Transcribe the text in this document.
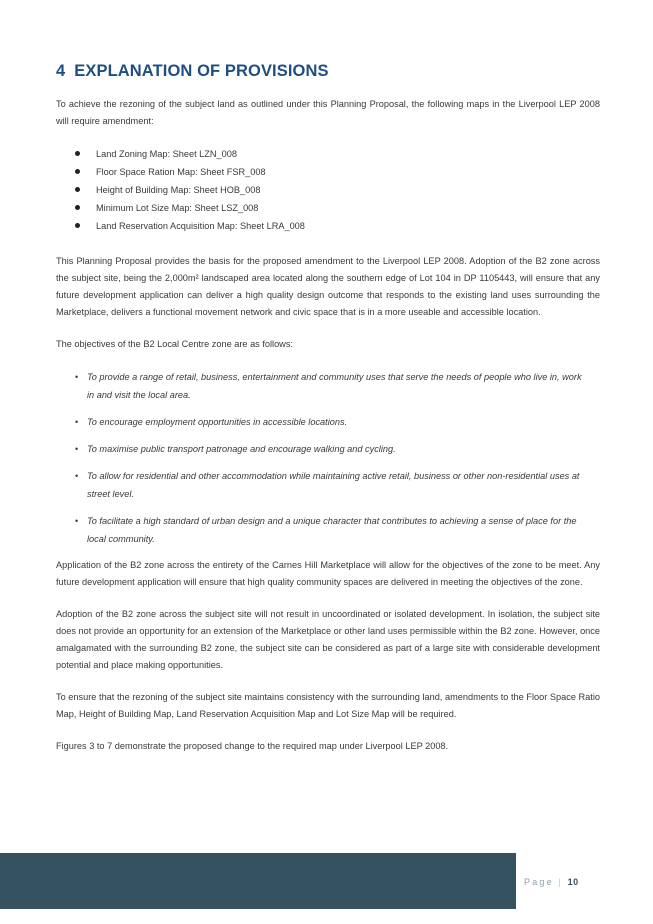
4 EXPLANATION OF PROVISIONS

To achieve the rezoning of the subject land as outlined under this Planning Proposal, the following maps in the Liverpool LEP 2008 will require amendment:

Land Zoning Map: Sheet LZN_008
Floor Space Ration Map: Sheet FSR_008
Height of Building Map: Sheet HOB_008
Minimum Lot Size Map: Sheet LSZ_008
Land Reservation Acquisition Map: Sheet LRA_008

This Planning Proposal provides the basis for the proposed amendment to the Liverpool LEP 2008. Adoption of the B2 zone across the subject site, being the 2,000m² landscaped area located along the southern edge of Lot 104 in DP 1105443, will ensure that any future development application can deliver a high quality design outcome that responds to the existing land uses surrounding the Marketplace, delivers a functional movement network and civic space that is in a more useable and accessible location.

The objectives of the B2 Local Centre zone are as follows:

• To provide a range of retail, business, entertainment and community uses that serve the needs of people who live in, work in and visit the local area.
• To encourage employment opportunities in accessible locations.
• To maximise public transport patronage and encourage walking and cycling.
• To allow for residential and other accommodation while maintaining active retail, business or other non-residential uses at street level.
• To facilitate a high standard of urban design and a unique character that contributes to achieving a sense of place for the local community.

Application of the B2 zone across the entirety of the Carnes Hill Marketplace will allow for the objectives of the zone to be meet. Any future development application will ensure that high quality community spaces are delivered in meeting the objectives of the zone.

Adoption of the B2 zone across the subject site will not result in uncoordinated or isolated development. In isolation, the subject site does not provide an opportunity for an extension of the Marketplace or other land uses permissible within the B2 zone. However, once amalgamated with the surrounding B2 zone, the subject site can be considered as part of a large site with considerable development potential and place making opportunities.

To ensure that the rezoning of the subject site maintains consistency with the surrounding land, amendments to the Floor Space Ratio Map, Height of Building Map, Land Reservation Acquisition Map and Lot Size Map will be required.

Figures 3 to 7 demonstrate the proposed change to the required map under Liverpool LEP 2008.

Page | 10
